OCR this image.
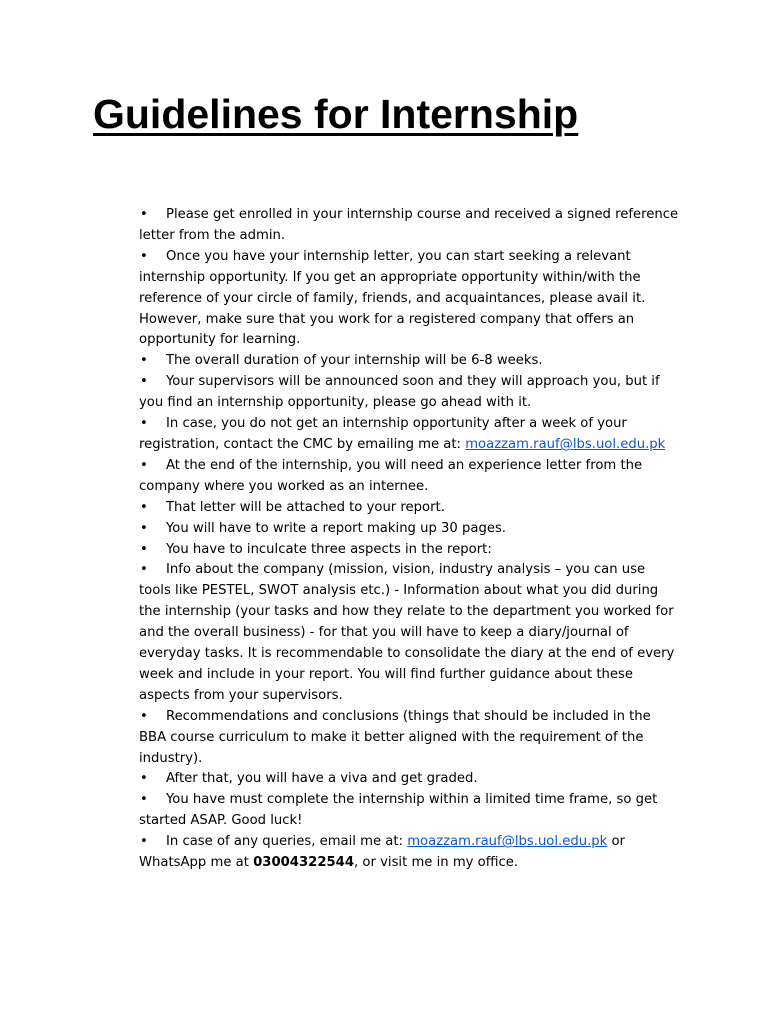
Guidelines for Internship
• Please get enrolled in your internship course and received a signed reference letter from the admin.
• Once you have your internship letter, you can start seeking a relevant internship opportunity. If you get an appropriate opportunity within/with the reference of your circle of family, friends, and acquaintances, please avail it. However, make sure that you work for a registered company that offers an opportunity for learning.
• The overall duration of your internship will be 6-8 weeks.
• Your supervisors will be announced soon and they will approach you, but if you find an internship opportunity, please go ahead with it.
• In case, you do not get an internship opportunity after a week of your registration, contact the CMC by emailing me at: moazzam.rauf@lbs.uol.edu.pk
• At the end of the internship, you will need an experience letter from the company where you worked as an internee.
• That letter will be attached to your report.
• You will have to write a report making up 30 pages.
• You have to inculcate three aspects in the report:
• Info about the company (mission, vision, industry analysis – you can use tools like PESTEL, SWOT analysis etc.) - Information about what you did during the internship (your tasks and how they relate to the department you worked for and the overall business) - for that you will have to keep a diary/journal of everyday tasks. It is recommendable to consolidate the diary at the end of every week and include in your report. You will find further guidance about these aspects from your supervisors.
• Recommendations and conclusions (things that should be included in the BBA course curriculum to make it better aligned with the requirement of the industry).
• After that, you will have a viva and get graded.
• You have must complete the internship within a limited time frame, so get started ASAP. Good luck!
• In case of any queries, email me at: moazzam.rauf@lbs.uol.edu.pk or WhatsApp me at 03004322544, or visit me in my office.
